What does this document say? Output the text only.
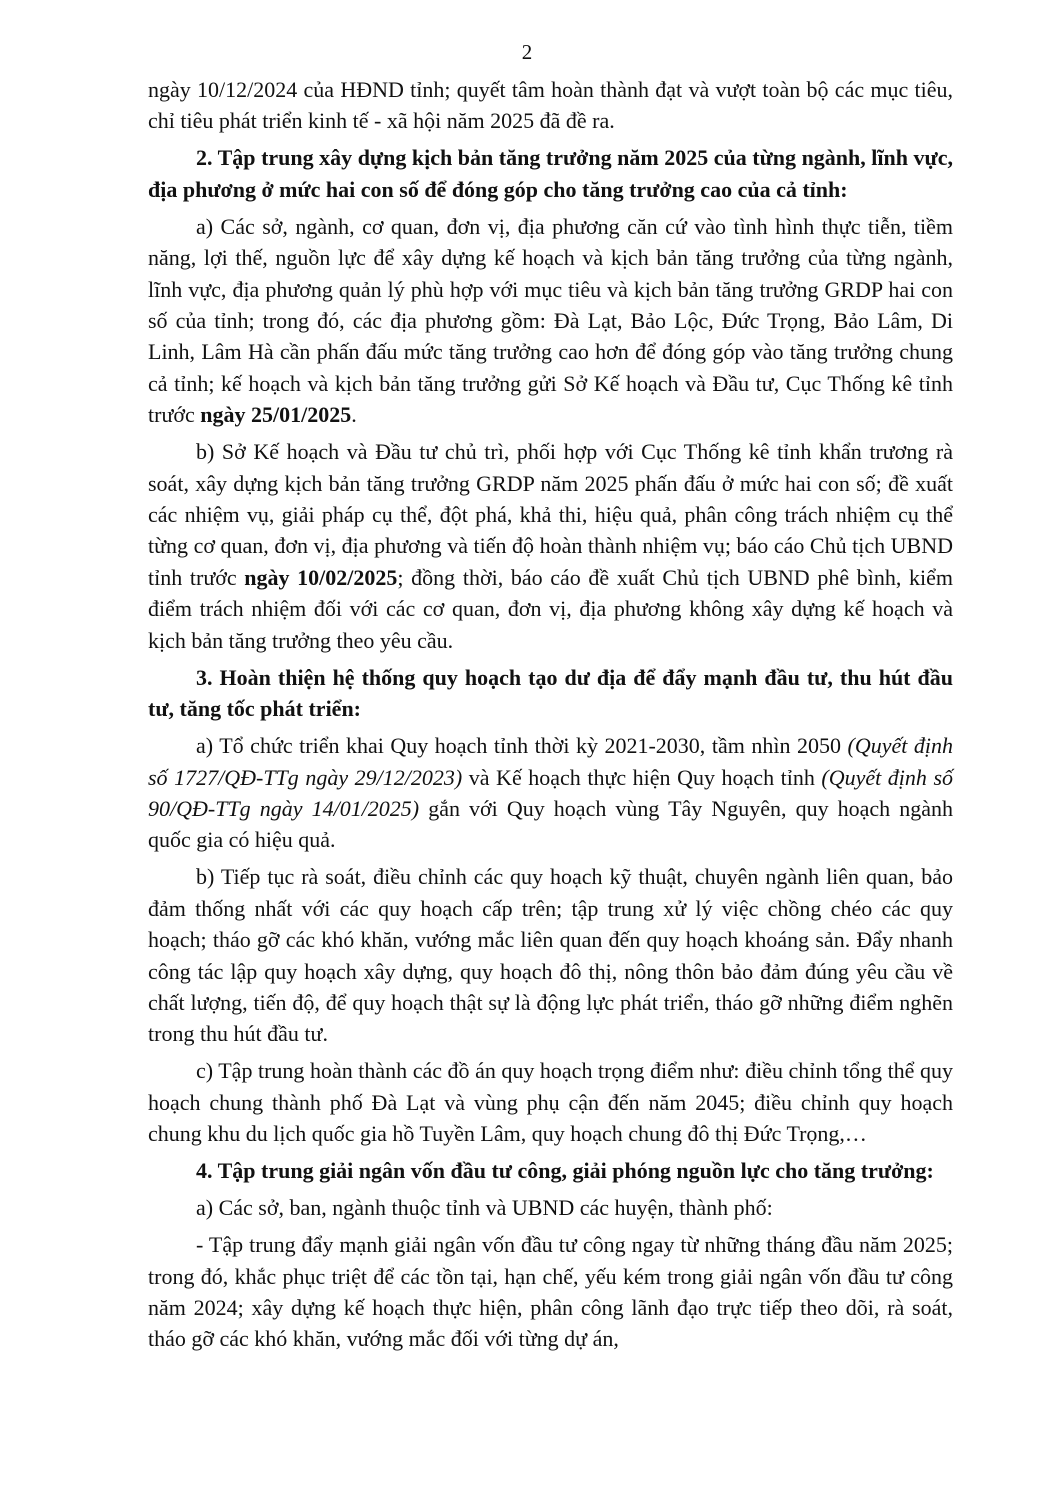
2

ngày 10/12/2024 của HĐND tỉnh; quyết tâm hoàn thành đạt và vượt toàn bộ các mục tiêu, chỉ tiêu phát triển kinh tế - xã hội năm 2025 đã đề ra.

2. Tập trung xây dựng kịch bản tăng trưởng năm 2025 của từng ngành, lĩnh vực, địa phương ở mức hai con số để đóng góp cho tăng trưởng cao của cả tỉnh:

a) Các sở, ngành, cơ quan, đơn vị, địa phương căn cứ vào tình hình thực tiễn, tiềm năng, lợi thế, nguồn lực để xây dựng kế hoạch và kịch bản tăng trưởng của từng ngành, lĩnh vực, địa phương quản lý phù hợp với mục tiêu và kịch bản tăng trưởng GRDP hai con số của tỉnh; trong đó, các địa phương gồm: Đà Lạt, Bảo Lộc, Đức Trọng, Bảo Lâm, Di Linh, Lâm Hà cần phấn đấu mức tăng trưởng cao hơn để đóng góp vào tăng trưởng chung cả tỉnh; kế hoạch và kịch bản tăng trưởng gửi Sở Kế hoạch và Đầu tư, Cục Thống kê tỉnh trước ngày 25/01/2025.

b) Sở Kế hoạch và Đầu tư chủ trì, phối hợp với Cục Thống kê tỉnh khẩn trương rà soát, xây dựng kịch bản tăng trưởng GRDP năm 2025 phấn đấu ở mức hai con số; đề xuất các nhiệm vụ, giải pháp cụ thể, đột phá, khả thi, hiệu quả, phân công trách nhiệm cụ thể từng cơ quan, đơn vị, địa phương và tiến độ hoàn thành nhiệm vụ; báo cáo Chủ tịch UBND tỉnh trước ngày 10/02/2025; đồng thời, báo cáo đề xuất Chủ tịch UBND phê bình, kiểm điểm trách nhiệm đối với các cơ quan, đơn vị, địa phương không xây dựng kế hoạch và kịch bản tăng trưởng theo yêu cầu.

3. Hoàn thiện hệ thống quy hoạch tạo dư địa để đẩy mạnh đầu tư, thu hút đầu tư, tăng tốc phát triển:

a) Tổ chức triển khai Quy hoạch tỉnh thời kỳ 2021-2030, tầm nhìn 2050 (Quyết định số 1727/QĐ-TTg ngày 29/12/2023) và Kế hoạch thực hiện Quy hoạch tỉnh (Quyết định số 90/QĐ-TTg ngày 14/01/2025) gắn với Quy hoạch vùng Tây Nguyên, quy hoạch ngành quốc gia có hiệu quả.

b) Tiếp tục rà soát, điều chỉnh các quy hoạch kỹ thuật, chuyên ngành liên quan, bảo đảm thống nhất với các quy hoạch cấp trên; tập trung xử lý việc chồng chéo các quy hoạch; tháo gỡ các khó khăn, vướng mắc liên quan đến quy hoạch khoáng sản. Đẩy nhanh công tác lập quy hoạch xây dựng, quy hoạch đô thị, nông thôn bảo đảm đúng yêu cầu về chất lượng, tiến độ, để quy hoạch thật sự là động lực phát triển, tháo gỡ những điểm nghẽn trong thu hút đầu tư.

c) Tập trung hoàn thành các đồ án quy hoạch trọng điểm như: điều chỉnh tổng thể quy hoạch chung thành phố Đà Lạt và vùng phụ cận đến năm 2045; điều chỉnh quy hoạch chung khu du lịch quốc gia hồ Tuyền Lâm, quy hoạch chung đô thị Đức Trọng,…

4. Tập trung giải ngân vốn đầu tư công, giải phóng nguồn lực cho tăng trưởng:

a) Các sở, ban, ngành thuộc tỉnh và UBND các huyện, thành phố:

- Tập trung đẩy mạnh giải ngân vốn đầu tư công ngay từ những tháng đầu năm 2025; trong đó, khắc phục triệt để các tồn tại, hạn chế, yếu kém trong giải ngân vốn đầu tư công năm 2024; xây dựng kế hoạch thực hiện, phân công lãnh đạo trực tiếp theo dõi, rà soát, tháo gỡ các khó khăn, vướng mắc đối với từng dự án,
